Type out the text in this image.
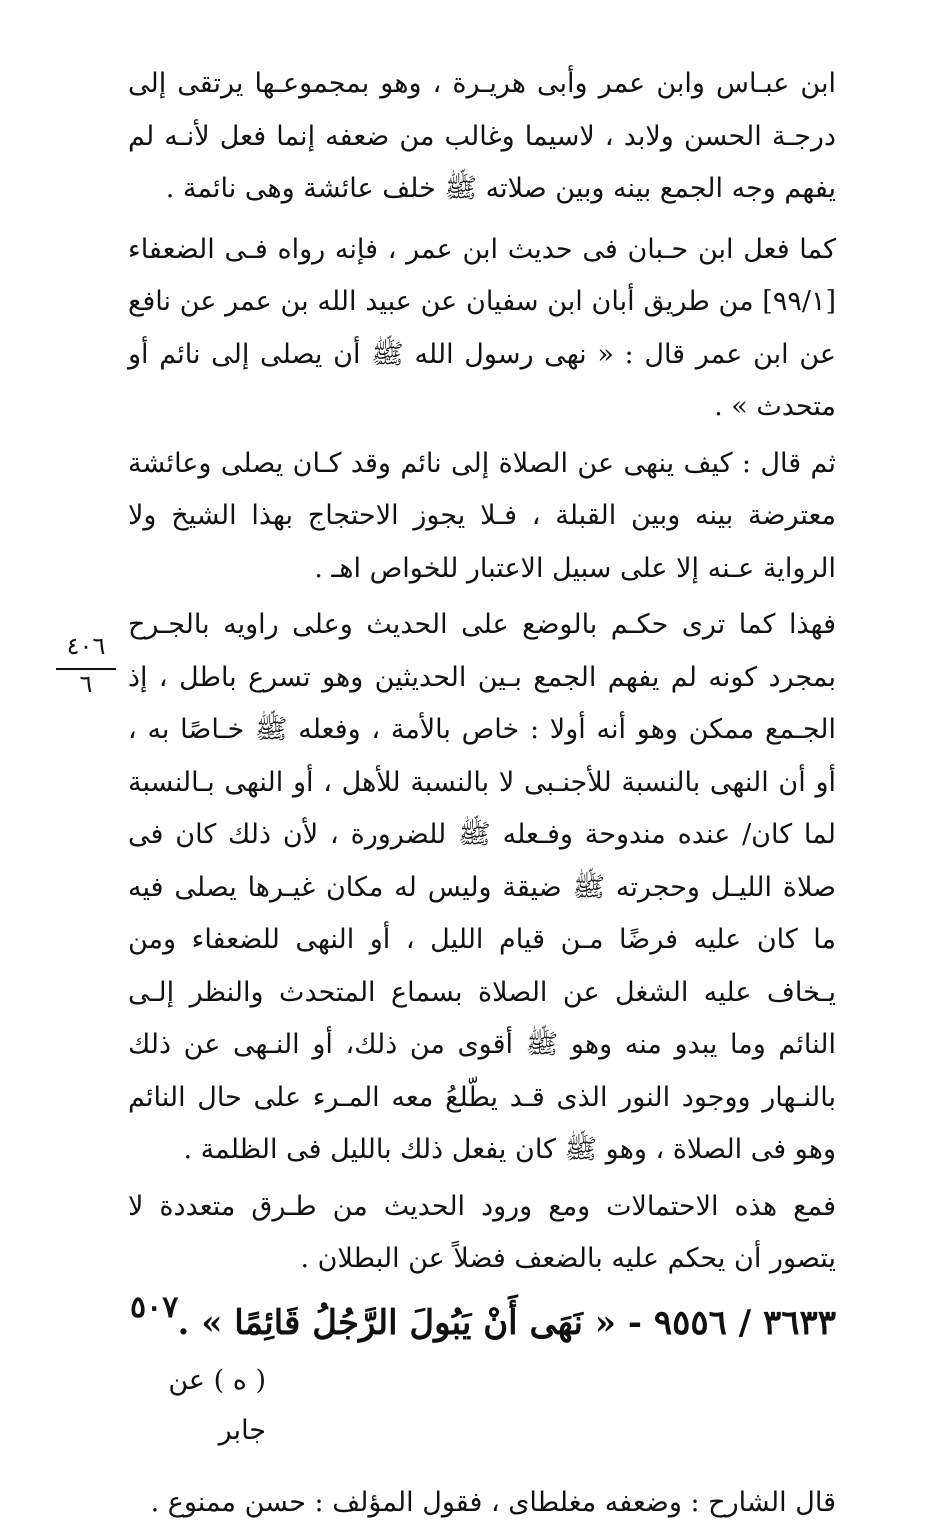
ابن عبـاس وابن عمر وأبى هريـرة ، وهو بمجموعـها يرتقى إلى درجـة الحسن ولابد ، لاسيما وغالب من ضعفه إنما فعل لأنـه لم يفهم وجه الجمع بينه وبين صلاته ﷺ خلف عائشة وهى نائمة .

كما فعل ابن حـبان فى حديث ابن عمر ، فإنه رواه فـى الضعفاء [٩٩/١] من طريق أبان ابن سفيان عن عبيد الله بن عمر عن نافع عن ابن عمر قال : « نهى رسول الله ﷺ أن يصلى إلى نائم أو متحدث » .

ثم قال : كيف ينهى عن الصلاة إلى نائم وقد كـان يصلى وعائشة معترضة بينه وبين القبلة ، فـلا يجوز الاحتجاج بهذا الشيخ ولا الرواية عـنه إلا على سبيل الاعتبار للخواص اهـ .

فهذا كما ترى حكـم بالوضع على الحديث وعلى راويه بالجـرح بمجرد كونه لم يفهم الجمع بـين الحديثين وهو تسرع باطل ، إذ الجـمع ممكن وهو أنه أولا : خاص بالأمة ، وفعله ﷺ خـاصًا به ، أو أن النهى بالنسبة للأجنـبى لا بالنسبة للأهل ، أو النهى بـالنسبة لما كان/ عنده مندوحة وفـعله ﷺ للضرورة ، لأن ذلك كان فى صلاة الليـل وحجرته ﷺ ضيقة وليس له مكان غيـرها يصلى فيه ما كان عليه فرضًا مـن قيام الليل ، أو النهى للضعفاء ومن يـخاف عليه الشغل عن الصلاة بسماع المتحدث والنظر إلـى النائم وما يبدو منه وهو ﷺ أقوى من ذلك، أو النـهى عن ذلك بالنـهار ووجود النور الذى قـد يطّلعُ معه المـرء على حال النائم وهو فى الصلاة ، وهو ﷺ كان يفعل ذلك بالليل فى الظلمة .

فمع هذه الاحتمالات ومع ورود الحديث من طـرق متعددة لا يتصور أن يحكم عليه بالضعف فضلاً عن البطلان .

٣٦٣٣ / ٩٥٥٦ - « نَهَى أَنْ يَبُولَ الرَّجُلُ قَائِمًا » .

( ه ) عن جابر

قال الشارح : وضعفه مغلطاى ، فقول المؤلف : حسن ممنوع .

٤٠٦
٦
٥٠٧
